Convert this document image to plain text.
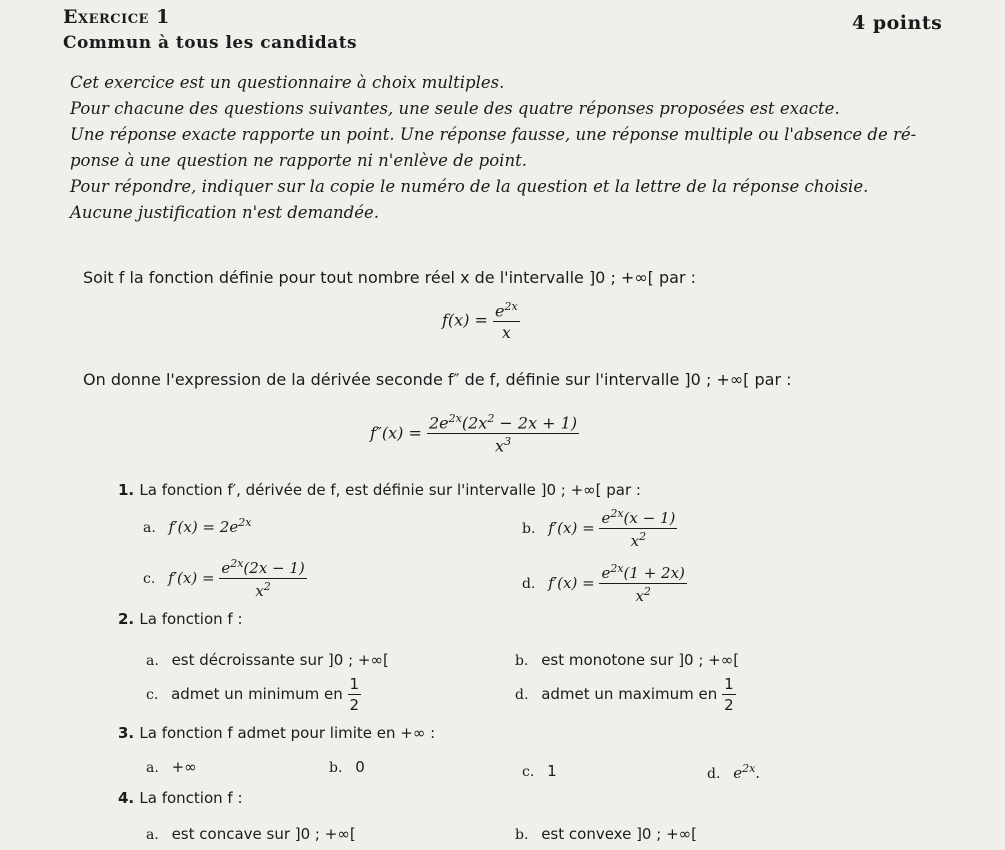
Exercice 1	4 points
Commun à tous les candidats
Cet exercice est un questionnaire à choix multiples.
Pour chacune des questions suivantes, une seule des quatre réponses proposées est exacte.
Une réponse exacte rapporte un point. Une réponse fausse, une réponse multiple ou l'absence de ré-
ponse à une question ne rapporte ni n'enlève de point.
Pour répondre, indiquer sur la copie le numéro de la question et la lettre de la réponse choisie.
Aucune justification n'est demandée.
Soit f la fonction définie pour tout nombre réel x de l'intervalle ]0 ; +∞[ par :
$f(x) = \frac{e^{2x}}{x}$
On donne l'expression de la dérivée seconde f″ de f, définie sur l'intervalle ]0 ; +∞[ par :
$f''(x) = \frac{2e^{2x}(2x^2 - 2x + 1)}{x^3}$
1. La fonction f′, dérivée de f, est définie sur l'intervalle ]0 ; +∞[ par :
a. $f'(x) = 2e^{2x}$	b. $f'(x) = \frac{e^{2x}(x - 1)}{x^2}$
c. $f'(x) = \frac{e^{2x}(2x - 1)}{x^2}$	d. $f'(x) = \frac{e^{2x}(1 + 2x)}{x^2}$
2. La fonction f :
a. est décroissante sur ]0 ; +∞[	b. est monotone sur ]0 ; +∞[
c. admet un minimum en $\frac{1}{2}$	d. admet un maximum en $\frac{1}{2}$
3. La fonction f admet pour limite en +∞ :
a. +∞	b. 0	c. 1	d. $e^{2x}$.
4. La fonction f :
a. est concave sur ]0 ; +∞[	b. est convexe ]0 ; +∞[
